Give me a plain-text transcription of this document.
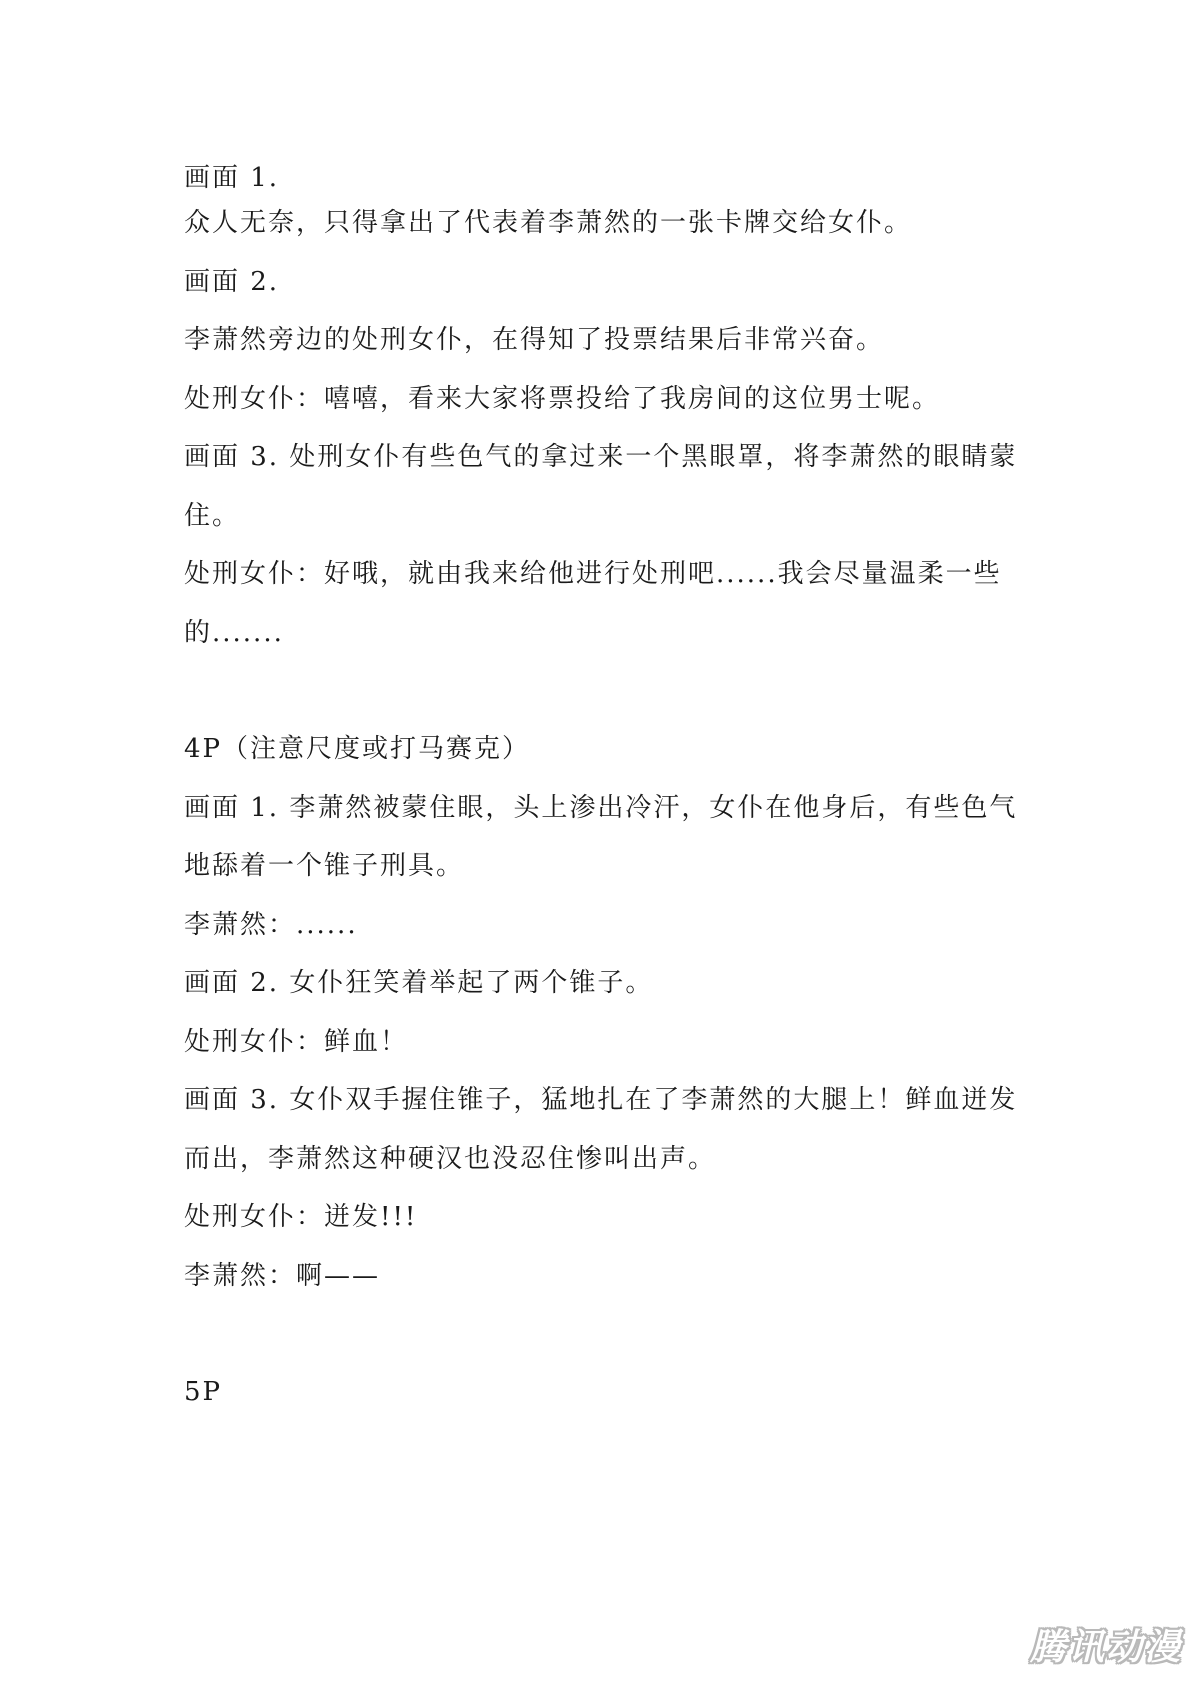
画面 1.
众人无奈，只得拿出了代表着李萧然的一张卡牌交给女仆。
画面 2.
李萧然旁边的处刑女仆，在得知了投票结果后非常兴奋。
处刑女仆：嘻嘻，看来大家将票投给了我房间的这位男士呢。
画面 3. 处刑女仆有些色气的拿过来一个黑眼罩，将李萧然的眼睛蒙
住。
处刑女仆：好哦，就由我来给他进行处刑吧......我会尽量温柔一些
的.......
4P（注意尺度或打马赛克）
画面 1. 李萧然被蒙住眼，头上渗出冷汗，女仆在他身后，有些色气
地舔着一个锥子刑具。
李萧然：......
画面 2. 女仆狂笑着举起了两个锥子。
处刑女仆：鲜血！
画面 3. 女仆双手握住锥子，猛地扎在了李萧然的大腿上！鲜血迸发
而出，李萧然这种硬汉也没忍住惨叫出声。
处刑女仆：迸发!!!
李萧然：啊——
5P
腾讯动漫
